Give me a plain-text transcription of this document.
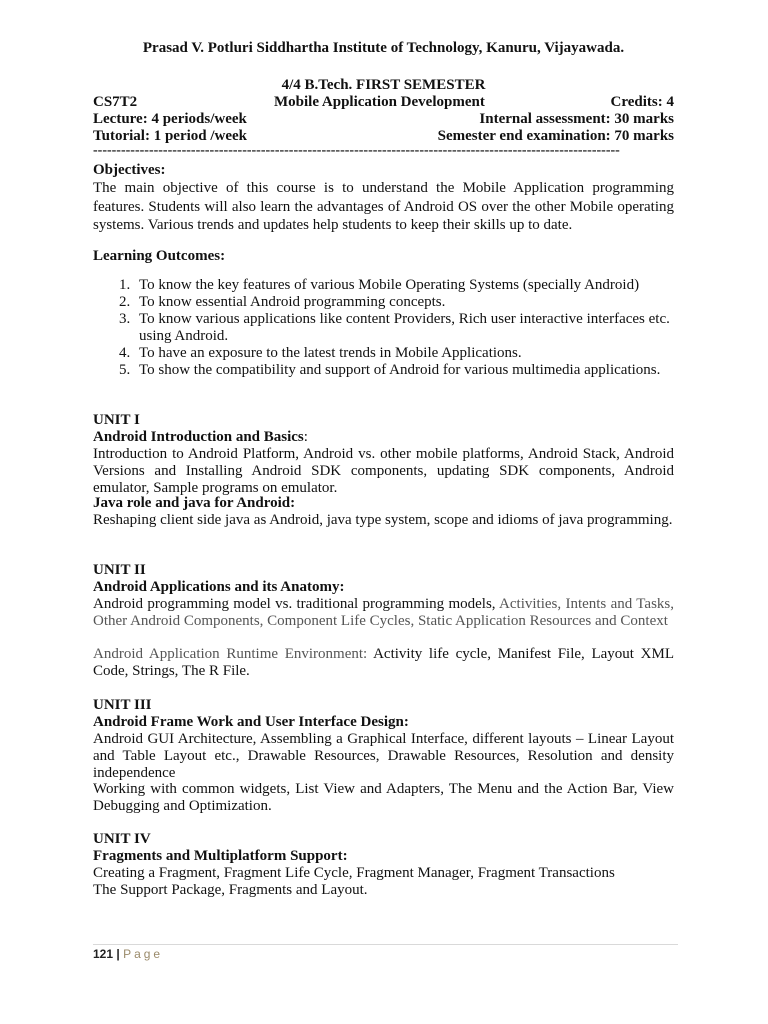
Prasad V. Potluri Siddhartha Institute of Technology, Kanuru, Vijayawada.
4/4 B.Tech. FIRST SEMESTER
CS7T2	Mobile Application Development	Credits: 4
Lecture: 4 periods/week	Internal assessment: 30 marks
Tutorial: 1 period /week	Semester end examination: 70 marks
-----------------------------------------------------------------------------------------------------------------
Objectives:
The main objective of this course is to understand the Mobile Application programming features. Students will also learn the advantages of Android OS over the other Mobile operating systems. Various trends and updates help students to keep their skills up to date.
Learning Outcomes:
1. To know the key features of various Mobile Operating Systems (specially Android)
2. To know essential Android programming concepts.
3. To know various applications like content Providers, Rich user interactive interfaces etc. using Android.
4. To have an exposure to the latest trends in Mobile Applications.
5. To show the compatibility and support of Android for various multimedia applications.
UNIT I
Android Introduction and Basics:
Introduction to Android Platform, Android vs. other mobile platforms, Android Stack, Android Versions and Installing Android SDK components, updating SDK components, Android emulator, Sample programs on emulator.
Java role and java for Android:
Reshaping client side java as Android, java type system, scope and idioms of java programming.
UNIT II
Android Applications and its Anatomy:
Android programming model vs. traditional programming models, Activities, Intents and Tasks, Other Android Components, Component Life Cycles, Static Application Resources and Context
Android Application Runtime Environment: Activity life cycle, Manifest File, Layout XML Code, Strings, The R File.
UNIT III
Android Frame Work and User Interface Design:
Android GUI Architecture, Assembling a Graphical Interface, different layouts – Linear Layout and Table Layout etc., Drawable Resources, Drawable Resources, Resolution and density independence
Working with common widgets, List View and Adapters, The Menu and the Action Bar, View Debugging and Optimization.
UNIT IV
Fragments and Multiplatform Support:
Creating a Fragment, Fragment Life Cycle, Fragment Manager, Fragment Transactions
The Support Package, Fragments and Layout.
121 | Page
